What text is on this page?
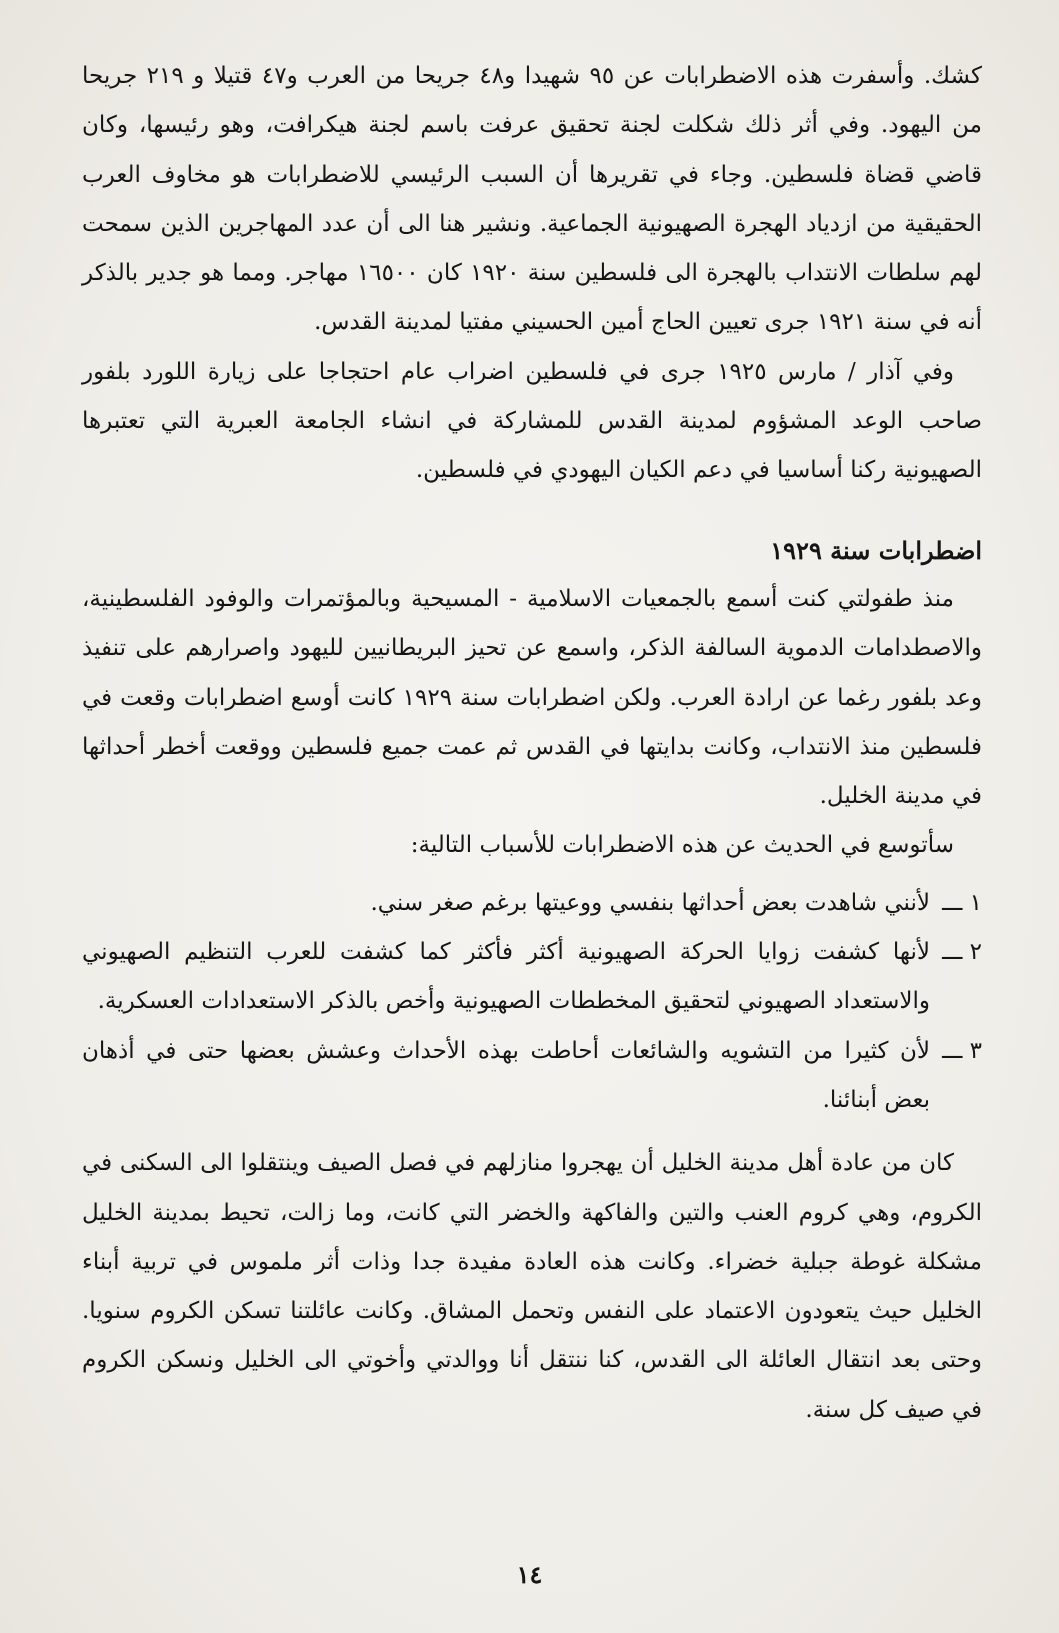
كشك. وأسفرت هذه الاضطرابات عن ٩٥ شهيدا و٤٨ جريحا من العرب و٤٧ قتيلا و ٢١٩ جريحا من اليهود. وفي أثر ذلك شكلت لجنة تحقيق عرفت باسم لجنة هيكرافت، وهو رئيسها، وكان قاضي قضاة فلسطين. وجاء في تقريرها أن السبب الرئيسي للاضطرابات هو مخاوف العرب الحقيقية من ازدياد الهجرة الصهيونية الجماعية. ونشير هنا الى أن عدد المهاجرين الذين سمحت لهم سلطات الانتداب بالهجرة الى فلسطين سنة ١٩٢٠ كان ١٦٥٠٠ مهاجر. ومما هو جدير بالذكر أنه في سنة ١٩٢١ جرى تعيين الحاج أمين الحسيني مفتيا لمدينة القدس.

وفي آذار / مارس ١٩٢٥ جرى في فلسطين اضراب عام احتجاجا على زيارة اللورد بلفور صاحب الوعد المشؤوم لمدينة القدس للمشاركة في انشاء الجامعة العبرية التي تعتبرها الصهيونية ركنا أساسيا في دعم الكيان اليهودي في فلسطين.

اضطرابات سنة ١٩٢٩

منذ طفولتي كنت أسمع بالجمعيات الاسلامية - المسيحية وبالمؤتمرات والوفود الفلسطينية، والاصطدامات الدموية السالفة الذكر، واسمع عن تحيز البريطانيين لليهود واصرارهم على تنفيذ وعد بلفور رغما عن ارادة العرب. ولكن اضطرابات سنة ١٩٢٩ كانت أوسع اضطرابات وقعت في فلسطين منذ الانتداب، وكانت بدايتها في القدس ثم عمت جميع فلسطين ووقعت أخطر أحداثها في مدينة الخليل.

سأتوسع في الحديث عن هذه الاضطرابات للأسباب التالية:

١ ـــ
لأنني شاهدت بعض أحداثها بنفسي ووعيتها برغم صغر سني.
٢ ـــ
لأنها كشفت زوايا الحركة الصهيونية أكثر فأكثر كما كشفت للعرب التنظيم الصهيوني والاستعداد الصهيوني لتحقيق المخططات الصهيونية وأخص بالذكر الاستعدادات العسكرية.
٣ ـــ
لأن كثيرا من التشويه والشائعات أحاطت بهذه الأحداث وعشش بعضها حتى في أذهان بعض أبنائنا.

كان من عادة أهل مدينة الخليل أن يهجروا منازلهم في فصل الصيف وينتقلوا الى السكنى في الكروم، وهي كروم العنب والتين والفاكهة والخضر التي كانت، وما زالت، تحيط بمدينة الخليل مشكلة غوطة جبلية خضراء. وكانت هذه العادة مفيدة جدا وذات أثر ملموس في تربية أبناء الخليل حيث يتعودون الاعتماد على النفس وتحمل المشاق. وكانت عائلتنا تسكن الكروم سنويا. وحتى بعد انتقال العائلة الى القدس، كنا ننتقل أنا ووالدتي وأخوتي الى الخليل ونسكن الكروم في صيف كل سنة.

١٤
